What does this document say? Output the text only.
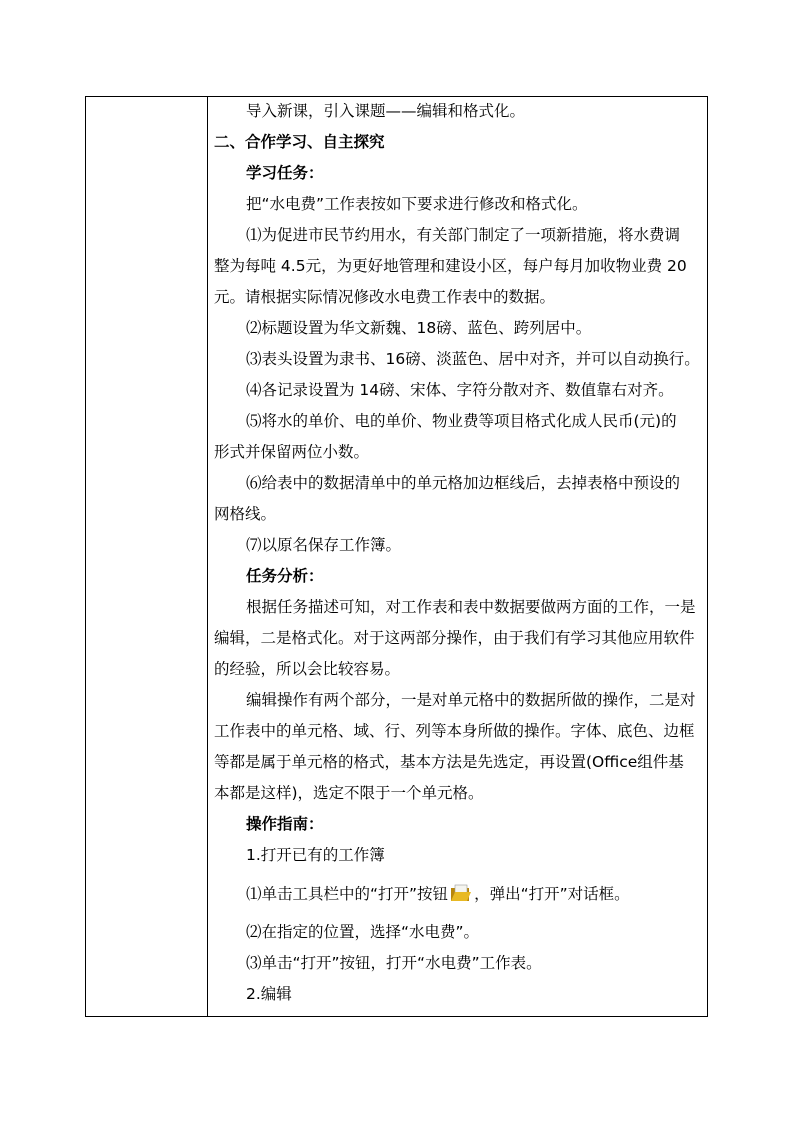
导入新课，引入课题——编辑和格式化。

二、合作学习、自主探究

学习任务：

把“水电费”工作表按如下要求进行修改和格式化。

⑴为促进市民节约用水，有关部门制定了一项新措施，将水费调

整为每吨 4.5元，为更好地管理和建设小区，每户每月加收物业费 20

元。请根据实际情况修改水电费工作表中的数据。

⑵标题设置为华文新魏、18磅、蓝色、跨列居中。

⑶表头设置为隶书、16磅、淡蓝色、居中对齐，并可以自动换行。

⑷各记录设置为 14磅、宋体、字符分散对齐、数值靠右对齐。

⑸将水的单价、电的单价、物业费等项目格式化成人民币(元)的

形式并保留两位小数。

⑹给表中的数据清单中的单元格加边框线后，去掉表格中预设的

网格线。

⑺以原名保存工作簿。

任务分析：

根据任务描述可知，对工作表和表中数据要做两方面的工作，一是

编辑，二是格式化。对于这两部分操作，由于我们有学习其他应用软件

的经验，所以会比较容易。

编辑操作有两个部分，一是对单元格中的数据所做的操作，二是对

工作表中的单元格、域、行、列等本身所做的操作。字体、底色、边框

等都是属于单元格的格式，基本方法是先选定，再设置(Office组件基

本都是这样)，选定不限于一个单元格。

操作指南：

1.打开已有的工作簿

⑴单击工具栏中的“打开”按钮 ，弹出“打开”对话框。

⑵在指定的位置，选择“水电费”。

⑶单击“打开”按钮，打开“水电费”工作表。

2.编辑
